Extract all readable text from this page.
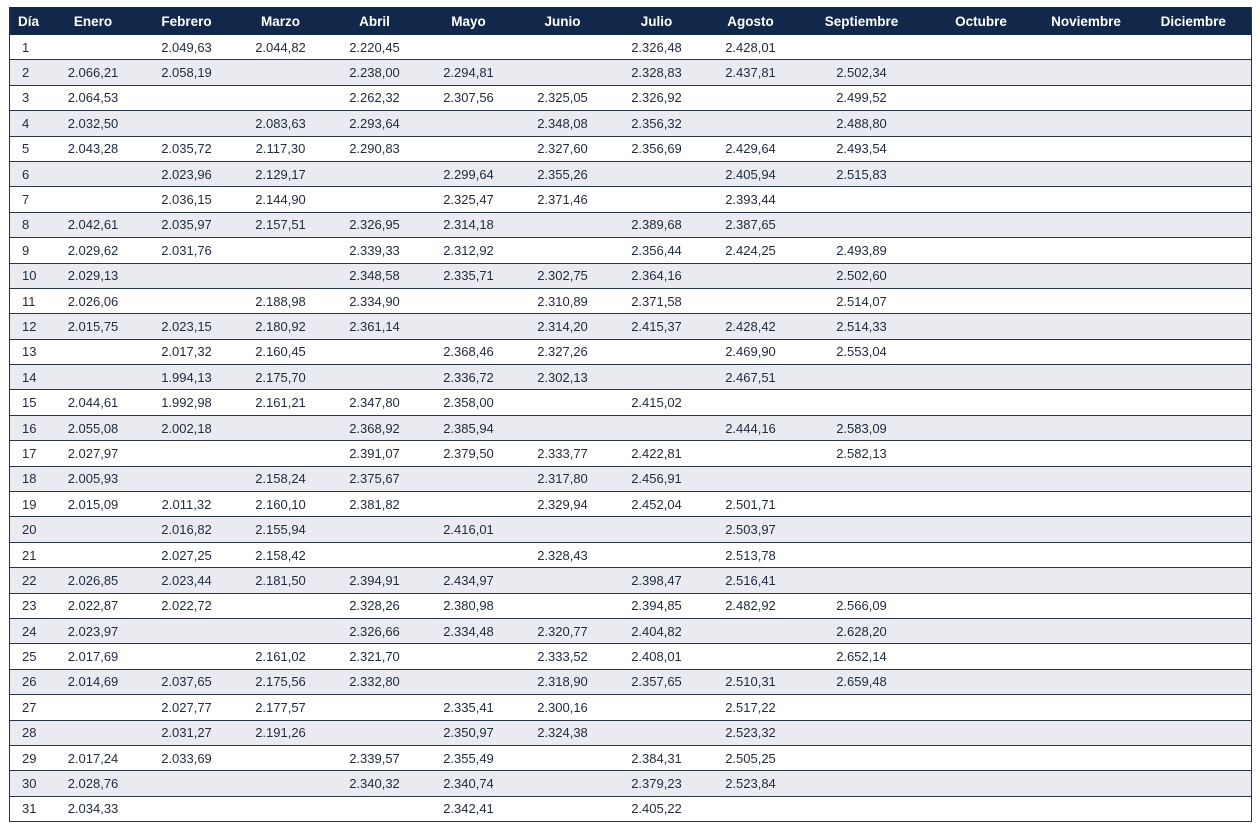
Día	Enero	Febrero	Marzo	Abril	Mayo	Junio	Julio	Agosto	Septiembre	Octubre	Noviembre	Diciembre
1		2.049,63	2.044,82	2.220,45			2.326,48	2.428,01				
2	2.066,21	2.058,19		2.238,00	2.294,81		2.328,83	2.437,81	2.502,34			
3	2.064,53			2.262,32	2.307,56	2.325,05	2.326,92		2.499,52			
4	2.032,50		2.083,63	2.293,64		2.348,08	2.356,32		2.488,80			
5	2.043,28	2.035,72	2.117,30	2.290,83		2.327,60	2.356,69	2.429,64	2.493,54			
6		2.023,96	2.129,17		2.299,64	2.355,26		2.405,94	2.515,83			
7		2.036,15	2.144,90		2.325,47	2.371,46		2.393,44				
8	2.042,61	2.035,97	2.157,51	2.326,95	2.314,18		2.389,68	2.387,65				
9	2.029,62	2.031,76		2.339,33	2.312,92		2.356,44	2.424,25	2.493,89			
10	2.029,13			2.348,58	2.335,71	2.302,75	2.364,16		2.502,60			
11	2.026,06		2.188,98	2.334,90		2.310,89	2.371,58		2.514,07			
12	2.015,75	2.023,15	2.180,92	2.361,14		2.314,20	2.415,37	2.428,42	2.514,33			
13		2.017,32	2.160,45		2.368,46	2.327,26		2.469,90	2.553,04			
14		1.994,13	2.175,70		2.336,72	2.302,13		2.467,51				
15	2.044,61	1.992,98	2.161,21	2.347,80	2.358,00		2.415,02					
16	2.055,08	2.002,18		2.368,92	2.385,94			2.444,16	2.583,09			
17	2.027,97			2.391,07	2.379,50	2.333,77	2.422,81		2.582,13			
18	2.005,93		2.158,24	2.375,67		2.317,80	2.456,91					
19	2.015,09	2.011,32	2.160,10	2.381,82		2.329,94	2.452,04	2.501,71				
20		2.016,82	2.155,94		2.416,01			2.503,97				
21		2.027,25	2.158,42			2.328,43		2.513,78				
22	2.026,85	2.023,44	2.181,50	2.394,91	2.434,97		2.398,47	2.516,41				
23	2.022,87	2.022,72		2.328,26	2.380,98		2.394,85	2.482,92	2.566,09			
24	2.023,97			2.326,66	2.334,48	2.320,77	2.404,82		2.628,20			
25	2.017,69		2.161,02	2.321,70		2.333,52	2.408,01		2.652,14			
26	2.014,69	2.037,65	2.175,56	2.332,80		2.318,90	2.357,65	2.510,31	2.659,48			
27		2.027,77	2.177,57		2.335,41	2.300,16		2.517,22				
28		2.031,27	2.191,26		2.350,97	2.324,38		2.523,32				
29	2.017,24	2.033,69		2.339,57	2.355,49		2.384,31	2.505,25				
30	2.028,76			2.340,32	2.340,74		2.379,23	2.523,84				
31	2.034,33				2.342,41		2.405,22					
